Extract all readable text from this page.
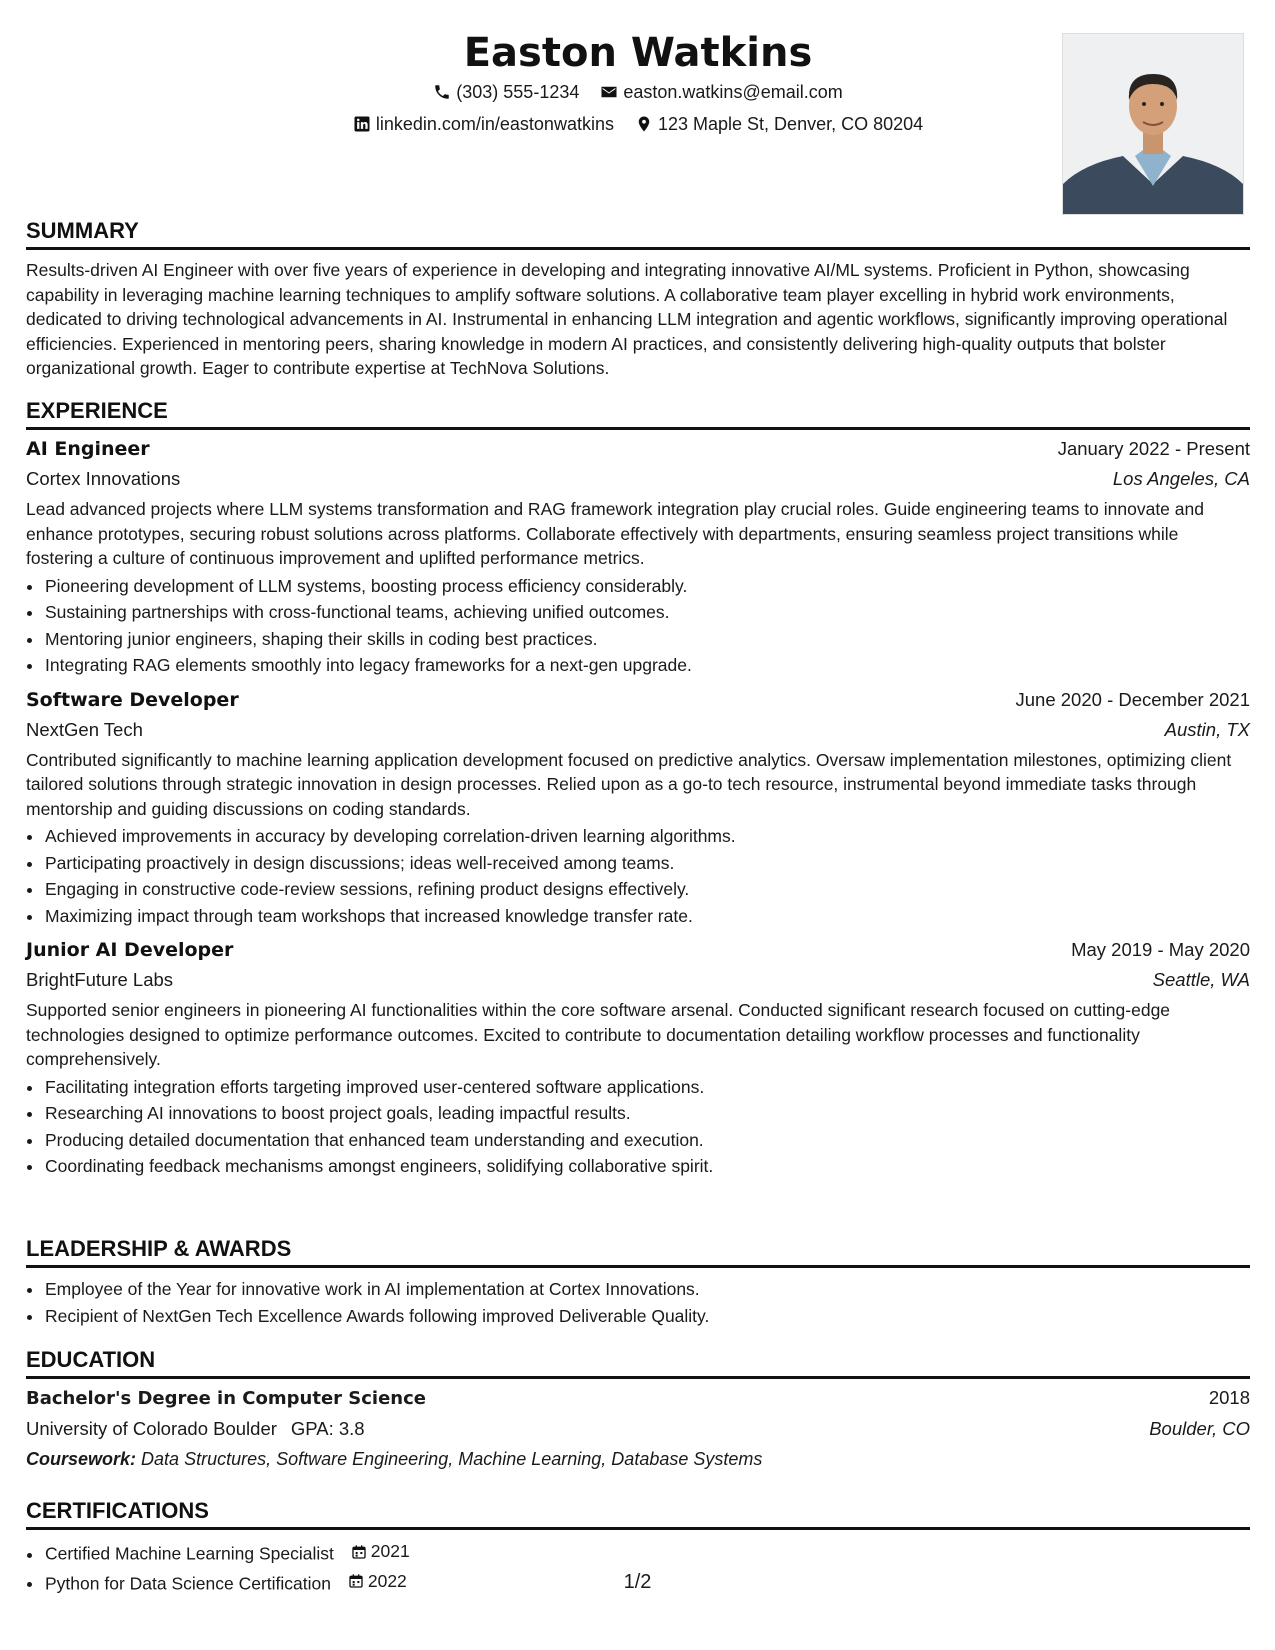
Easton Watkins
(303) 555-1234
easton.watkins@email.com
linkedin.com/in/eastonwatkins
123 Maple St, Denver, CO 80204
SUMMARY

Results-driven AI Engineer with over five years of experience in developing and integrating innovative AI/ML systems. Proficient in Python, showcasing capability in leveraging machine learning techniques to amplify software solutions. A collaborative team player excelling in hybrid work environments, dedicated to driving technological advancements in AI. Instrumental in enhancing LLM integration and agentic workflows, significantly improving operational efficiencies. Experienced in mentoring peers, sharing knowledge in modern AI practices, and consistently delivering high-quality outputs that bolster organizational growth. Eager to contribute expertise at TechNova Solutions.

EXPERIENCE
AI Engineer	January 2022 - Present
Cortex Innovations	Los Angeles, CA

Lead advanced projects where LLM systems transformation and RAG framework integration play crucial roles. Guide engineering teams to innovate and enhance prototypes, securing robust solutions across platforms. Collaborate effectively with departments, ensuring seamless project transitions while fostering a culture of continuous improvement and uplifted performance metrics.

• Pioneering development of LLM systems, boosting process efficiency considerably.
• Sustaining partnerships with cross-functional teams, achieving unified outcomes.
• Mentoring junior engineers, shaping their skills in coding best practices.
• Integrating RAG elements smoothly into legacy frameworks for a next-gen upgrade.
Software Developer	June 2020 - December 2021
NextGen Tech	Austin, TX

Contributed significantly to machine learning application development focused on predictive analytics. Oversaw implementation milestones, optimizing client tailored solutions through strategic innovation in design processes. Relied upon as a go-to tech resource, instrumental beyond immediate tasks through mentorship and guiding discussions on coding standards.

• Achieved improvements in accuracy by developing correlation-driven learning algorithms.
• Participating proactively in design discussions; ideas well-received among teams.
• Engaging in constructive code-review sessions, refining product designs effectively.
• Maximizing impact through team workshops that increased knowledge transfer rate.
Junior AI Developer	May 2019 - May 2020
BrightFuture Labs	Seattle, WA

Supported senior engineers in pioneering AI functionalities within the core software arsenal. Conducted significant research focused on cutting-edge technologies designed to optimize performance outcomes. Excited to contribute to documentation detailing workflow processes and functionality comprehensively.

• Facilitating integration efforts targeting improved user-centered software applications.
• Researching AI innovations to boost project goals, leading impactful results.
• Producing detailed documentation that enhanced team understanding and execution.
• Coordinating feedback mechanisms amongst engineers, solidifying collaborative spirit.
LEADERSHIP & AWARDS
• Employee of the Year for innovative work in AI implementation at Cortex Innovations.
• Recipient of NextGen Tech Excellence Awards following improved Deliverable Quality.
EDUCATION
Bachelor's Degree in Computer Science	2018
University of Colorado Boulder GPA: 3.8	Boulder, CO
Coursework: Data Structures, Software Engineering, Machine Learning, Database Systems
CERTIFICATIONS
• Certified Machine Learning Specialist 2021
• Python for Data Science Certification 2022	1/2
